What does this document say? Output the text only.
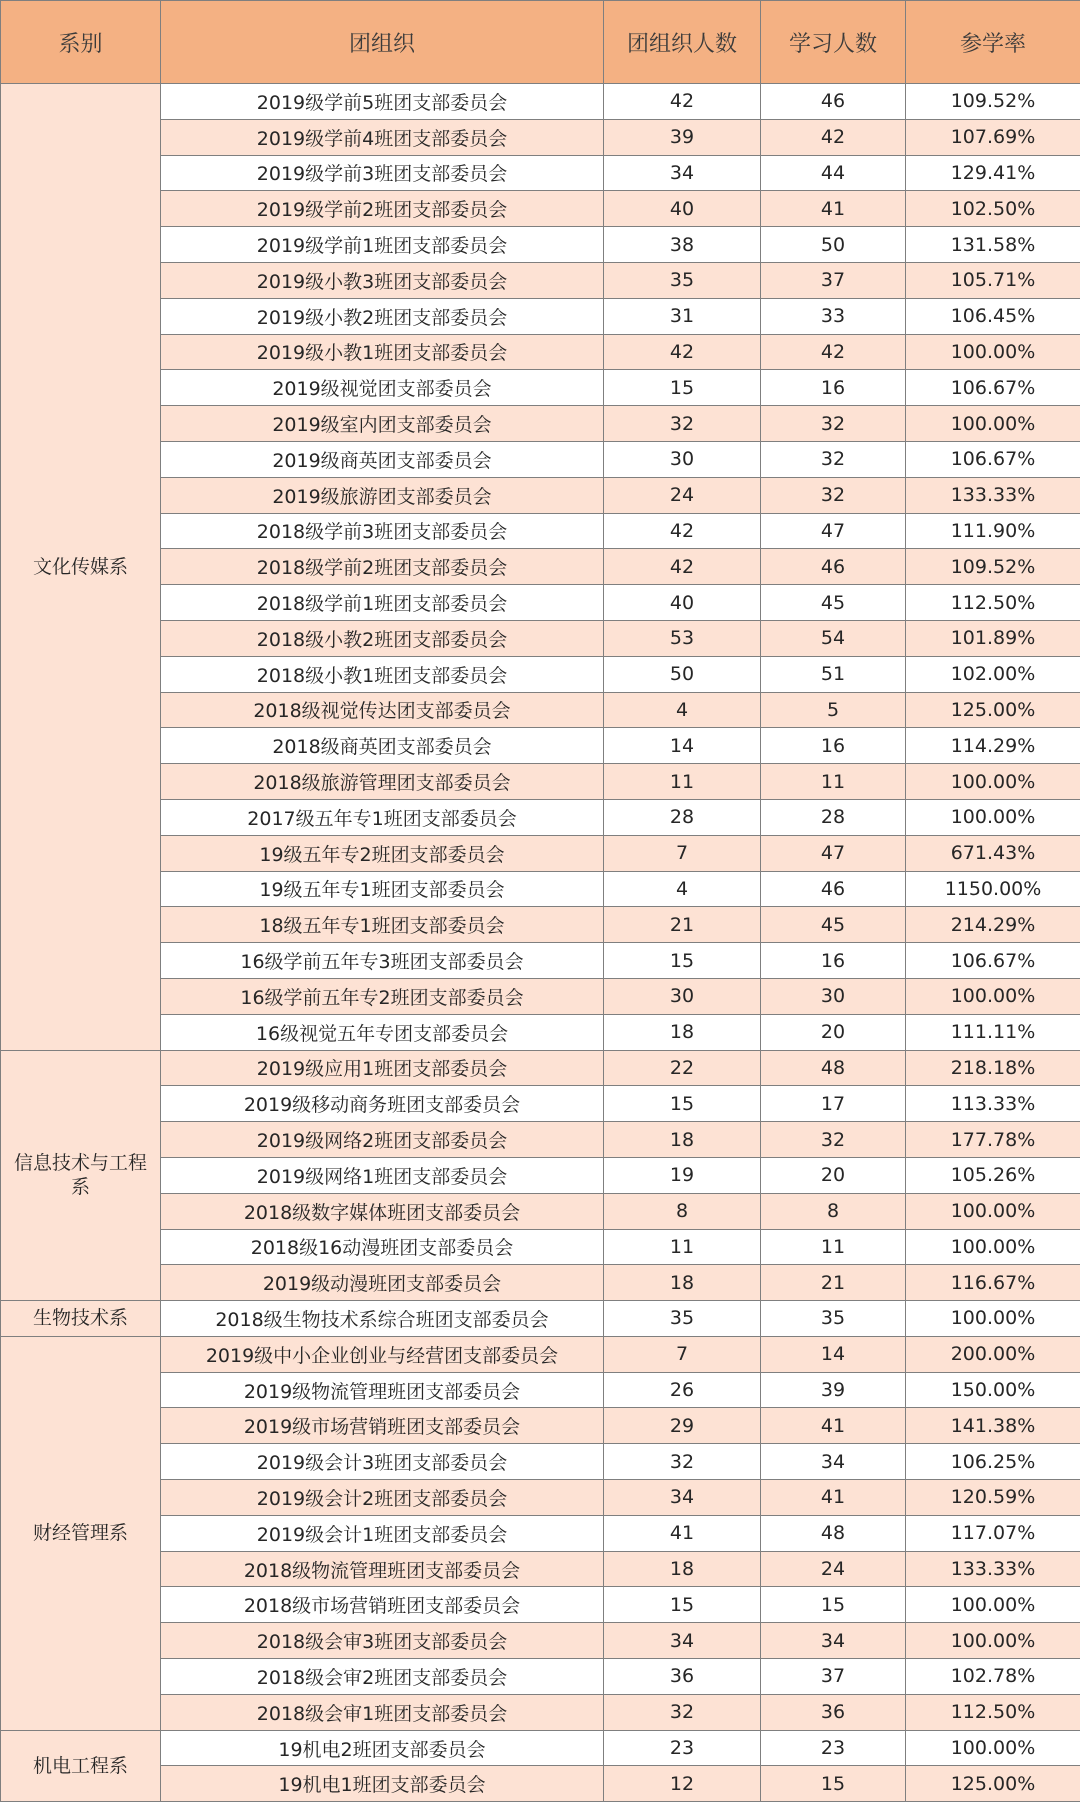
系别	团组织	团组织人数	学习人数	参学率
文化传媒系	2019级学前5班团支部委员会	42	46	109.52%
	2019级学前4班团支部委员会	39	42	107.69%
	2019级学前3班团支部委员会	34	44	129.41%
	2019级学前2班团支部委员会	40	41	102.50%
	2019级学前1班团支部委员会	38	50	131.58%
	2019级小教3班团支部委员会	35	37	105.71%
	2019级小教2班团支部委员会	31	33	106.45%
	2019级小教1班团支部委员会	42	42	100.00%
	2019级视觉团支部委员会	15	16	106.67%
	2019级室内团支部委员会	32	32	100.00%
	2019级商英团支部委员会	30	32	106.67%
	2019级旅游团支部委员会	24	32	133.33%
	2018级学前3班团支部委员会	42	47	111.90%
	2018级学前2班团支部委员会	42	46	109.52%
	2018级学前1班团支部委员会	40	45	112.50%
	2018级小教2班团支部委员会	53	54	101.89%
	2018级小教1班团支部委员会	50	51	102.00%
	2018级视觉传达团支部委员会	4	5	125.00%
	2018级商英团支部委员会	14	16	114.29%
	2018级旅游管理团支部委员会	11	11	100.00%
	2017级五年专1班团支部委员会	28	28	100.00%
	19级五年专2班团支部委员会	7	47	671.43%
	19级五年专1班团支部委员会	4	46	1150.00%
	18级五年专1班团支部委员会	21	45	214.29%
	16级学前五年专3班团支部委员会	15	16	106.67%
	16级学前五年专2班团支部委员会	30	30	100.00%
	16级视觉五年专团支部委员会	18	20	111.11%
信息技术与工程系	2019级应用1班团支部委员会	22	48	218.18%
	2019级移动商务班团支部委员会	15	17	113.33%
	2019级网络2班团支部委员会	18	32	177.78%
	2019级网络1班团支部委员会	19	20	105.26%
	2018级数字媒体班团支部委员会	8	8	100.00%
	2018级16动漫班团支部委员会	11	11	100.00%
	2019级动漫班团支部委员会	18	21	116.67%
生物技术系	2018级生物技术系综合班团支部委员会	35	35	100.00%
财经管理系	2019级中小企业创业与经营团支部委员会	7	14	200.00%
	2019级物流管理班团支部委员会	26	39	150.00%
	2019级市场营销班团支部委员会	29	41	141.38%
	2019级会计3班团支部委员会	32	34	106.25%
	2019级会计2班团支部委员会	34	41	120.59%
	2019级会计1班团支部委员会	41	48	117.07%
	2018级物流管理班团支部委员会	18	24	133.33%
	2018级市场营销班团支部委员会	15	15	100.00%
	2018级会审3班团支部委员会	34	34	100.00%
	2018级会审2班团支部委员会	36	37	102.78%
	2018级会审1班团支部委员会	32	36	112.50%
机电工程系	19机电2班团支部委员会	23	23	100.00%
	19机电1班团支部委员会	12	15	125.00%
